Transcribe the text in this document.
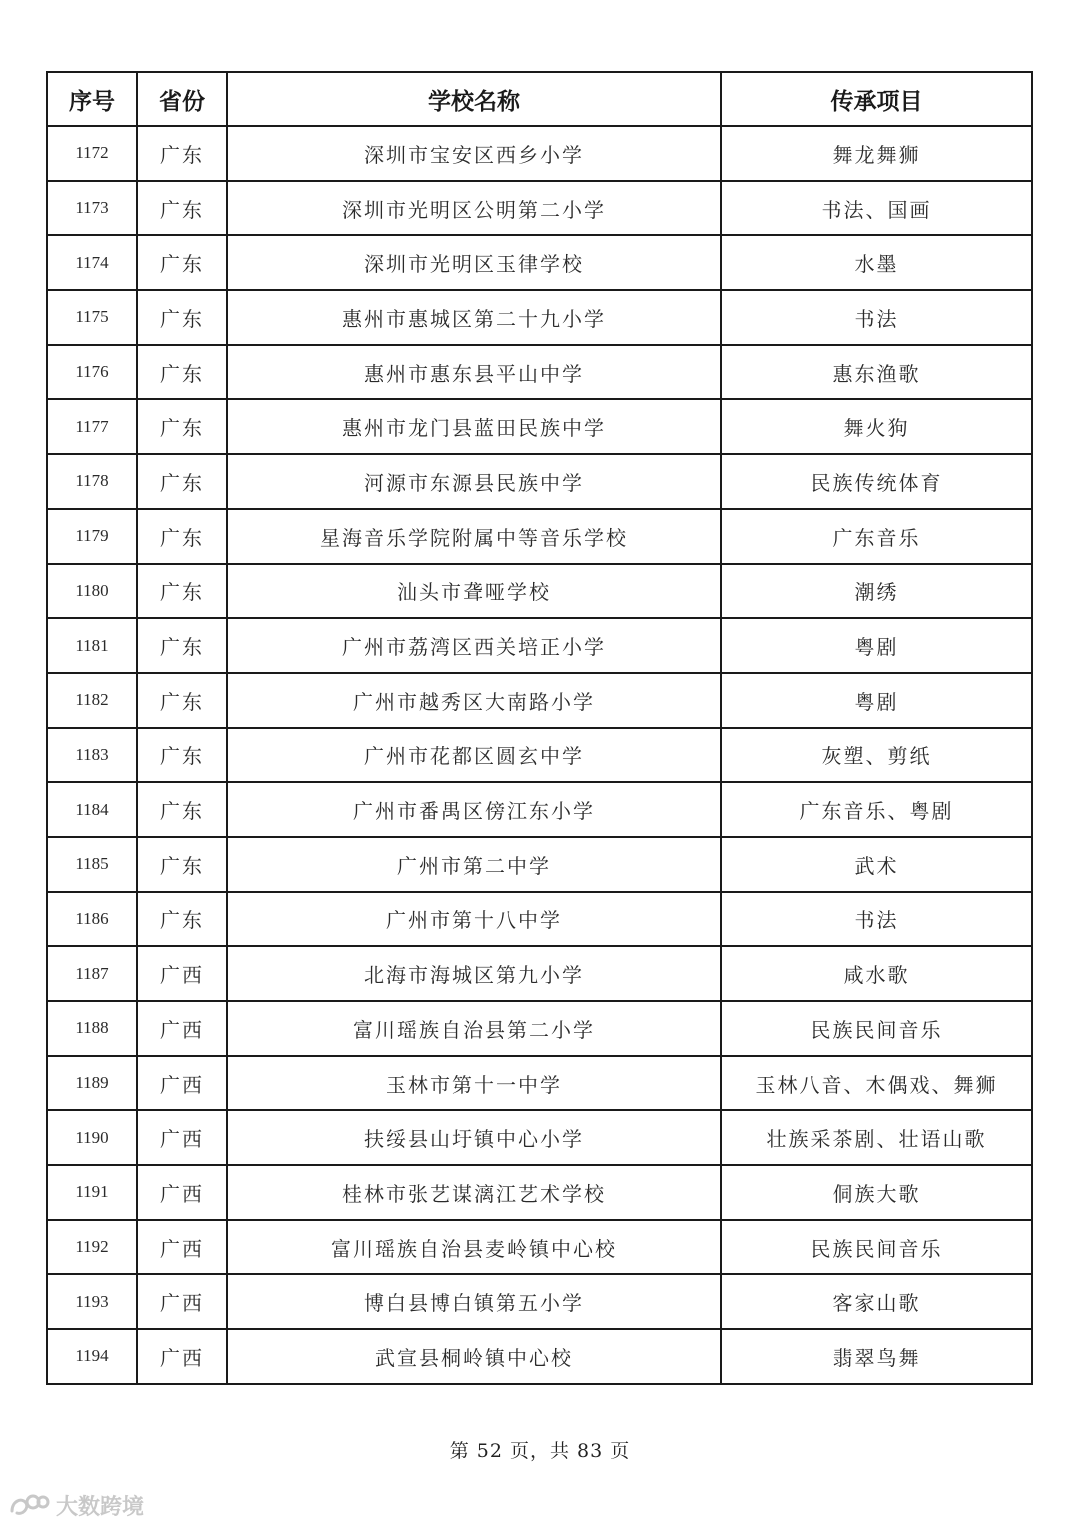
序号	省份	学校名称	传承项目
1172	广东	深圳市宝安区西乡小学	舞龙舞狮
1173	广东	深圳市光明区公明第二小学	书法、国画
1174	广东	深圳市光明区玉律学校	水墨
1175	广东	惠州市惠城区第二十九小学	书法
1176	广东	惠州市惠东县平山中学	惠东渔歌
1177	广东	惠州市龙门县蓝田民族中学	舞火狗
1178	广东	河源市东源县民族中学	民族传统体育
1179	广东	星海音乐学院附属中等音乐学校	广东音乐
1180	广东	汕头市聋哑学校	潮绣
1181	广东	广州市荔湾区西关培正小学	粤剧
1182	广东	广州市越秀区大南路小学	粤剧
1183	广东	广州市花都区圆玄中学	灰塑、剪纸
1184	广东	广州市番禺区傍江东小学	广东音乐、粤剧
1185	广东	广州市第二中学	武术
1186	广东	广州市第十八中学	书法
1187	广西	北海市海城区第九小学	咸水歌
1188	广西	富川瑶族自治县第二小学	民族民间音乐
1189	广西	玉林市第十一中学	玉林八音、木偶戏、舞狮
1190	广西	扶绥县山圩镇中心小学	壮族采茶剧、壮语山歌
1191	广西	桂林市张艺谋漓江艺术学校	侗族大歌
1192	广西	富川瑶族自治县麦岭镇中心校	民族民间音乐
1193	广西	博白县博白镇第五小学	客家山歌
1194	广西	武宣县桐岭镇中心校	翡翠鸟舞
第 52 页，共 83 页
大数跨境
